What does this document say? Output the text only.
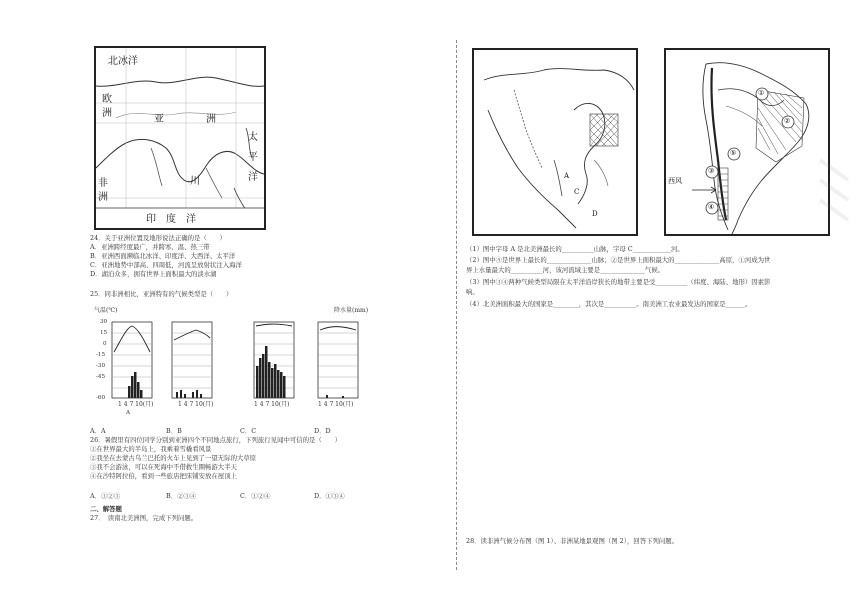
北冰洋
欧
洲
亚	洲
太
平
洋
非
洲
川
印　度　洋
24．关于亚洲位置及地形说法正确的是（　　）
A．亚洲跨经度最广，并跨寒、温、热三带
B．亚洲西面濒临北冰洋、印度洋、大西洋、太平洋
C．亚洲地势中部高、四周低，河流呈放射状注入海洋
D．湖泊众多，拥有世界上面积最大的淡水湖
25．同非洲相比，亚洲特有的气候类型是（　　）
气温(℃)
30
15
0
-15
-30
-45
-60
1 4 7 10(月)
A
1 4 7 10(月)	1 4 7 10(月)
降水量(mm)
1 4 7 10(月)
A．A	B．B	C．C	D．D
26．暑假里有四位同学分别到亚洲四个不同地点旅行，下列旅行见闻中可信的是（　　）
①在世界最大的半岛上，我乘着雪橇看风景
②我坐在去蒙古乌兰巴托的火车上见到了一望无际的大草原
③我不会游泳，可以在死海中不借救生圈畅游大半天
④在沙特阿拉伯，看到一些旅店把床铺安放在屋顶上
A．①②③	B．②③④	C．①②④	D．①③④
二、解答题
27．　读南北美洲图，完成下列问题。
A
C
D
①
②
③
④
⑤
西风
（1）图中字母 A 是北美洲最长的__________山脉，字母 C____________河。
（2）图中⑤是世界上最长的______________山脉；②是世界上面积最大的______________高原，①河成为世
界上水量最大的__________河，该河流域主要是______________气候。
（3）图中③④两种气候类型局限在太平洋沿岸狭长的地带主要是受__________（纬度、海陆、地形）因素影
响。
（4）北美洲面积最大的国家是________，其次是__________。南美洲工农业最发达的国家是______。
28．读非洲气候分布图（图 1）、非洲某地景观图（图 2），回答下列问题。
